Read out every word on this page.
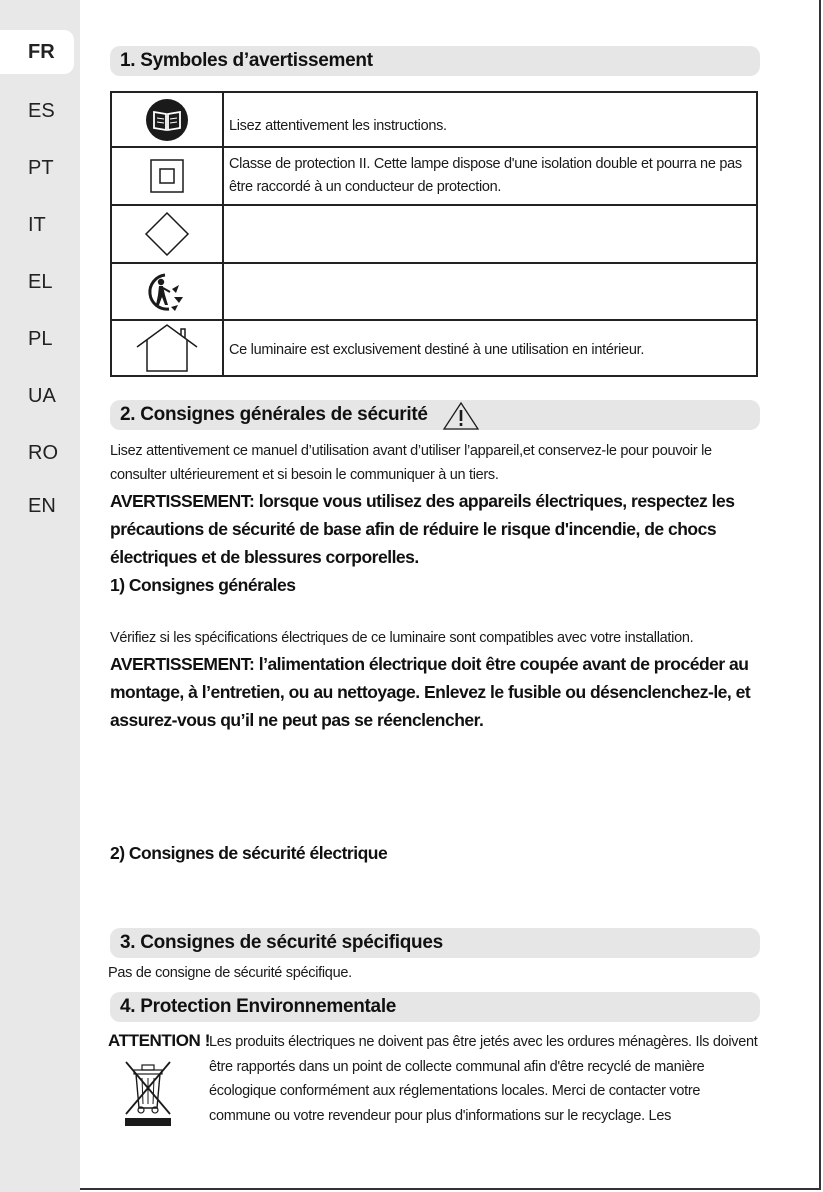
FR
ES
PT
IT
EL
PL
UA
RO
EN
1. Symboles d’avertissement
Lisez attentivement les instructions.
Classe de protection II. Cette lampe dispose d'une isolation double et pourra ne pas être raccordé à un conducteur de protection.
Ce luminaire est exclusivement destiné à une utilisation en intérieur.
2. Consignes générales de sécurité

Lisez attentivement ce manuel d’utilisation avant d’utiliser l’appareil,et conservez-le pour pouvoir le consulter ultérieurement et si besoin le communiquer à un tiers.

AVERTISSEMENT: lorsque vous utilisez des appareils électriques, respectez les précautions de sécurité de base afin de réduire le risque d'incendie, de chocs électriques et de blessures corporelles.

1) Consignes générales

Vérifiez si les spécifications électriques de ce luminaire sont compatibles avec votre installation.

AVERTISSEMENT: l’alimentation électrique doit être coupée avant de procéder au montage, à l’entretien, ou au nettoyage. Enlevez le fusible ou désenclenchez-le, et assurez-vous qu’il ne peut pas se réenclencher.

2) Consignes de sécurité électrique

3. Consignes de sécurité spécifiques

Pas de consigne de sécurité spécifique.

4. Protection Environnementale
ATTENTION ! Les produits électriques ne doivent pas être jetés avec les ordures ménagères. Ils doivent être rapportés dans un point de collecte communal afin d'être recyclé de manière écologique conformément aux réglementations locales. Merci de contacter votre commune ou votre revendeur pour plus d'informations sur le recyclage. Les
